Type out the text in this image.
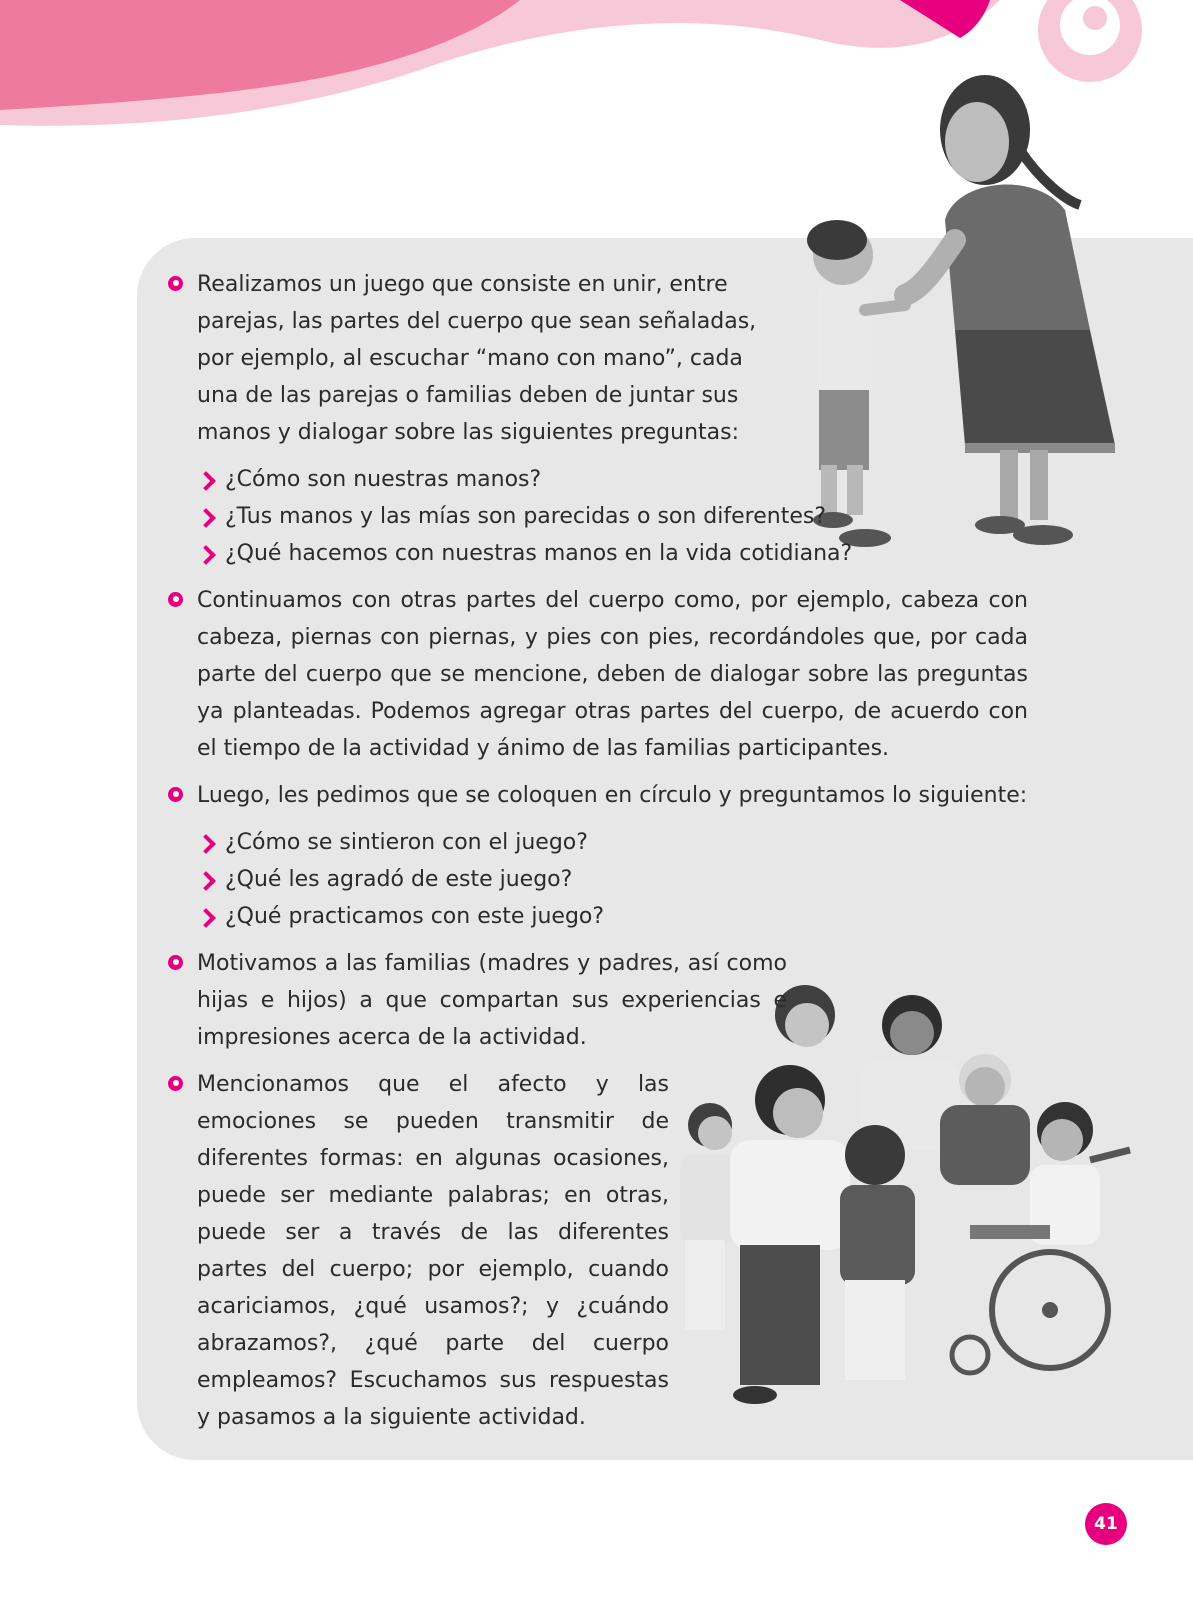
Realizamos un juego que consiste en unir, entre parejas, las partes del cuerpo que sean señaladas, por ejemplo, al escuchar “mano con mano”, cada una de las parejas o familias deben de juntar sus manos y dialogar sobre las siguientes preguntas:
¿Cómo son nuestras manos?
¿Tus manos y las mías son parecidas o son diferentes?
¿Qué hacemos con nuestras manos en la vida cotidiana?
Continuamos con otras partes del cuerpo como, por ejemplo, cabeza con cabeza, piernas con piernas, y pies con pies, recordándoles que, por cada parte del cuerpo que se mencione, deben de dialogar sobre las preguntas ya planteadas. Podemos agregar otras partes del cuerpo, de acuerdo con el tiempo de la actividad y ánimo de las familias participantes.
Luego, les pedimos que se coloquen en círculo y preguntamos lo siguiente:
¿Cómo se sintieron con el juego?
¿Qué les agradó de este juego?
¿Qué practicamos con este juego?
Motivamos a las familias (madres y padres, así como hijas e hijos) a que compartan sus experiencias e impresiones acerca de la actividad.
Mencionamos que el afecto y las emociones se pueden transmitir de diferentes formas: en algunas ocasiones, puede ser mediante palabras; en otras, puede ser a través de las diferentes partes del cuerpo; por ejemplo, cuando acariciamos, ¿qué usamos?; y ¿cuándo abrazamos?, ¿qué parte del cuerpo empleamos? Escuchamos sus respuestas y pasamos a la siguiente actividad.
41
